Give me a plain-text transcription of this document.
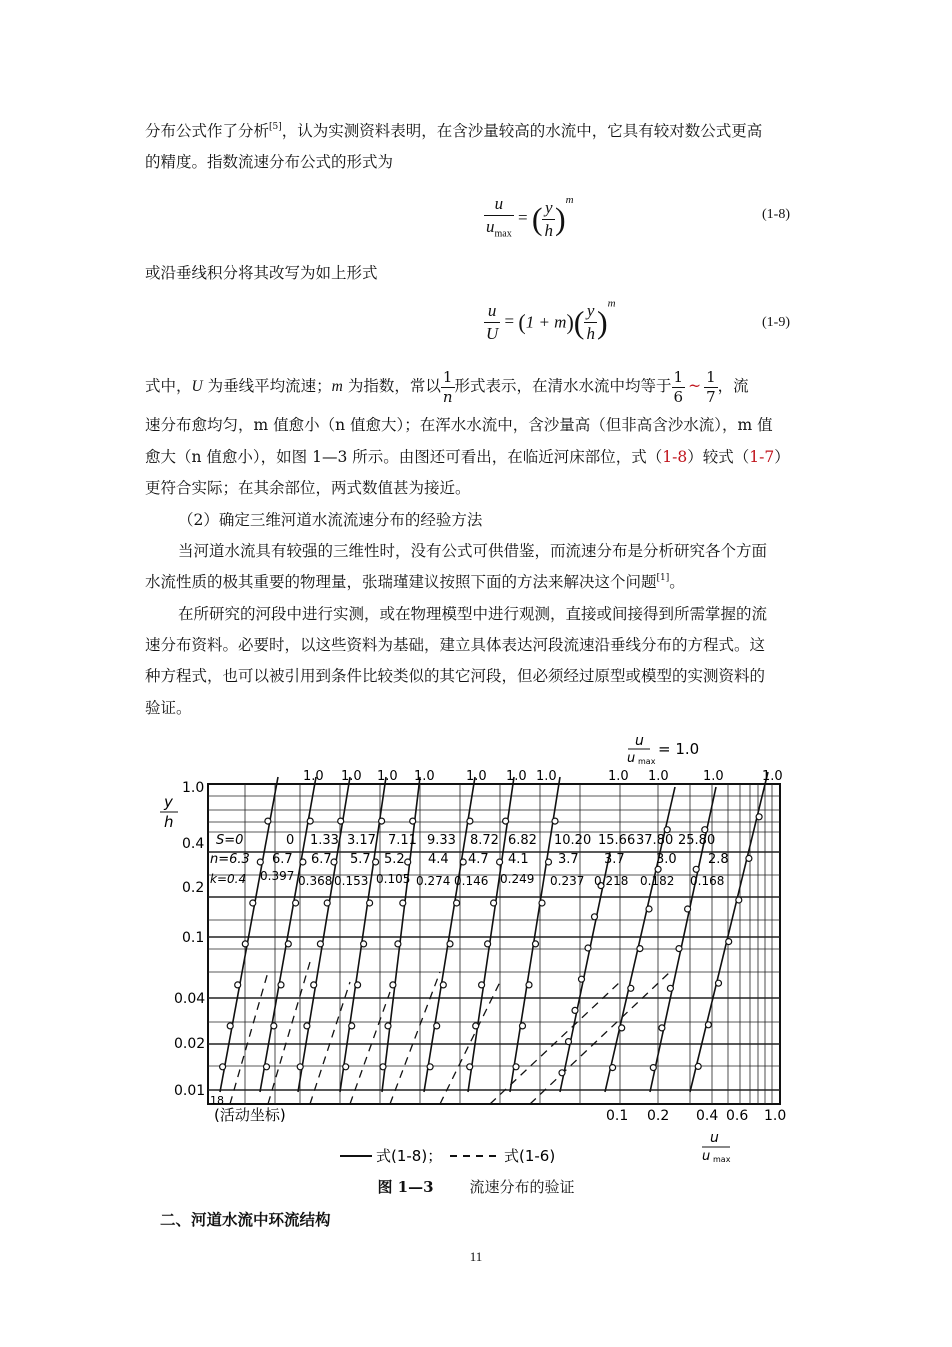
分布公式作了分析[5]，认为实测资料表明，在含沙量较高的水流中，它具有较对数公式更高
的精度。指数流速分布公式的形式为
$\frac{u}{u_{max}}$ = ( $\frac{y}{h} )^m$
(1-8)
或沿垂线积分将其改写为如上形式
$\frac{u}{U} = (1 + m)( \frac{y}{h} )^m$
(1-9)
式中，U 为垂线平均流速；m 为指数，常以 $\frac{1}{n}$ 形式表示，在清水水流中均等于 $\frac{1}{6}$ ~ $\frac{1}{7}$ ，流
速分布愈均匀，m 值愈小（n 值愈大）；在浑水水流中，含沙量高（但非高含沙水流），m 值
愈大（n 值愈小），如图 1—3 所示。由图还可看出，在临近河床部位，式（1-8）较式（1-7）
更符合实际；在其余部位，两式数值甚为接近。
（2）确定三维河道水流流速分布的经验方法
当河道水流具有较强的三维性时，没有公式可供借鉴，而流速分布是分析研究各个方面
水流性质的极其重要的物理量，张瑞瑾建议按照下面的方法来解决这个问题[1]。
在所研究的河段中进行实测，或在物理模型中进行观测，直接或间接得到所需掌握的流
速分布资料。必要时，以这些资料为基础，建立具体表达河段流速沿垂线分布的方程式。这
种方程式，也可以被引用到条件比较类似的其它河段，但必须经过原型或模型的实测资料的
验证。
u
u max
= 1.0
y
h
1.0
0.4
0.2
0.1
0.04
0.02
0.01
1.0 1.0 1.0 1.0 1.0 1.0 1.0	1.0 1.0	1.0	1.0
S=0	0 1.33 3.17 7.11 9.33 8.72 6.82 10.20 15.66 37.80 25.80
n=6.3 6.7 6.7 5.7 5.2 4.4 4.7 4.1 3.7 3.7 3.0 2.8
k=0.4 0.397 0.368 0.153 0.105 0.274 0.146 0.249 0.237 0.218 0.182 0.168
0.1 0.2 0.4 0.6 1.0
(活动坐标)
18
u
u max
式(1-8)；	式(1-6)
图 1—3 流速分布的验证
二、河道水流中环流结构
11
